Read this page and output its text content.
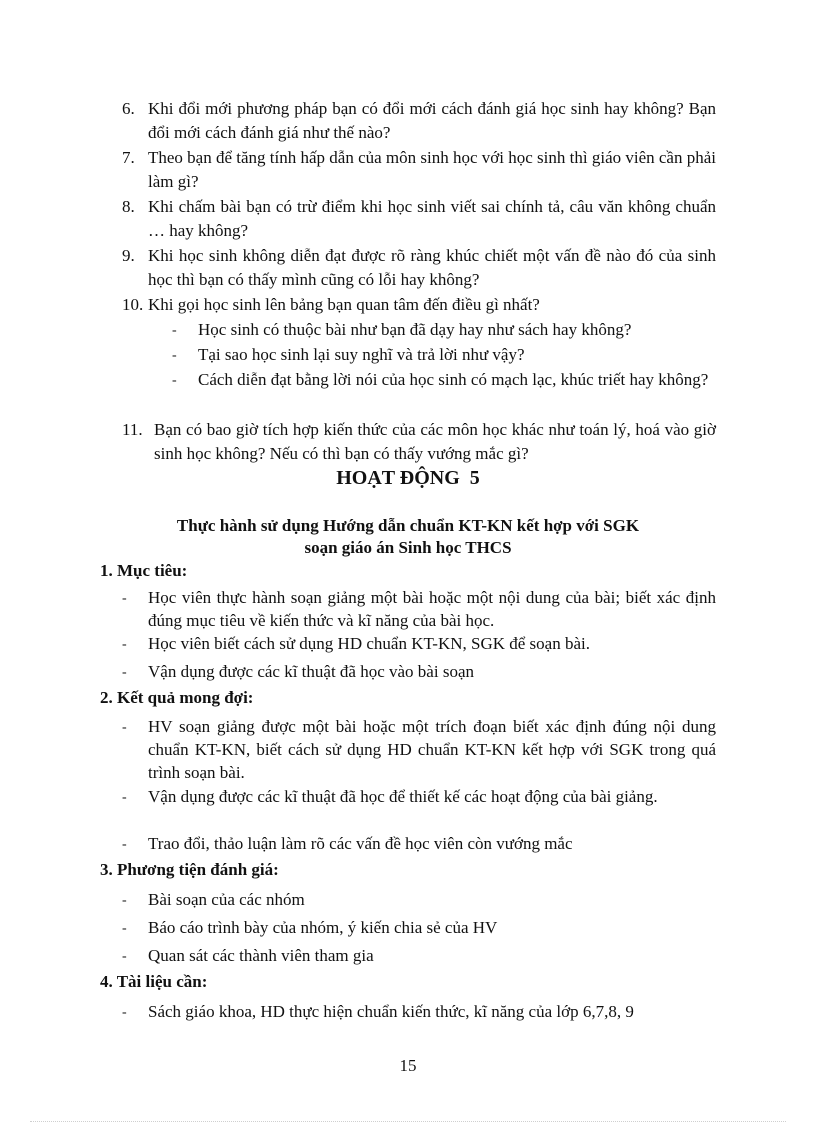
6. Khi đổi mới phương pháp bạn có đổi mới cách đánh giá học sinh hay không? Bạn đổi mới cách đánh giá như thế nào?
7. Theo bạn để tăng tính hấp dẫn của môn sinh học với học sinh thì giáo viên cần phải làm gì?
8. Khi chấm bài bạn có trừ điểm khi học sinh viết sai chính tả, câu văn không chuẩn … hay không?
9. Khi học sinh không diễn đạt được rõ ràng khúc chiết một vấn đề nào đó của sinh học thì bạn có thấy mình cũng có lỗi hay không?
10. Khi gọi học sinh lên bảng bạn quan tâm đến điều gì nhất?
-	Học sinh có thuộc bài như bạn đã dạy hay như sách hay không?
-	Tại sao học sinh lại suy nghĩ và trả lời như vậy?
-	Cách diễn đạt bằng lời nói của học sinh có mạch lạc, khúc triết hay không?
11. Bạn có bao giờ tích hợp kiến thức của các môn học khác như toán lý, hoá vào giờ sinh học không? Nếu có thì bạn có thấy vướng mắc gì?
HOẠT ĐỘNG  5
Thực hành sử dụng Hướng dẫn chuẩn KT-KN kết hợp với SGK
soạn giáo án Sinh học THCS
1. Mục tiêu:
-	Học viên thực hành soạn giảng một bài hoặc một nội dung của bài; biết xác định đúng mục tiêu về kiến thức và kĩ năng của bài học.
-	Học viên biết cách sử dụng HD chuẩn KT-KN, SGK để soạn bài.
-	Vận dụng được các kĩ thuật đã học vào bài soạn
2. Kết quả mong đợi:
-	HV soạn giảng được một bài hoặc một trích đoạn biết xác định đúng nội dung chuẩn KT-KN, biết cách sử dụng HD chuẩn KT-KN kết hợp với SGK trong quá trình soạn bài.
-	Vận dụng được các kĩ thuật đã học để thiết kế các hoạt động của bài giảng.
-	Trao đổi, thảo luận làm rõ các vấn đề học viên còn vướng mắc
3. Phương tiện đánh giá:
-	Bài soạn của các nhóm
-	Báo cáo trình bày của nhóm, ý kiến chia sẻ của HV
-	Quan sát các thành viên tham gia
4. Tài liệu cần:
-	Sách giáo khoa, HD thực hiện chuẩn kiến thức, kĩ năng của lớp 6,7,8, 9
15
